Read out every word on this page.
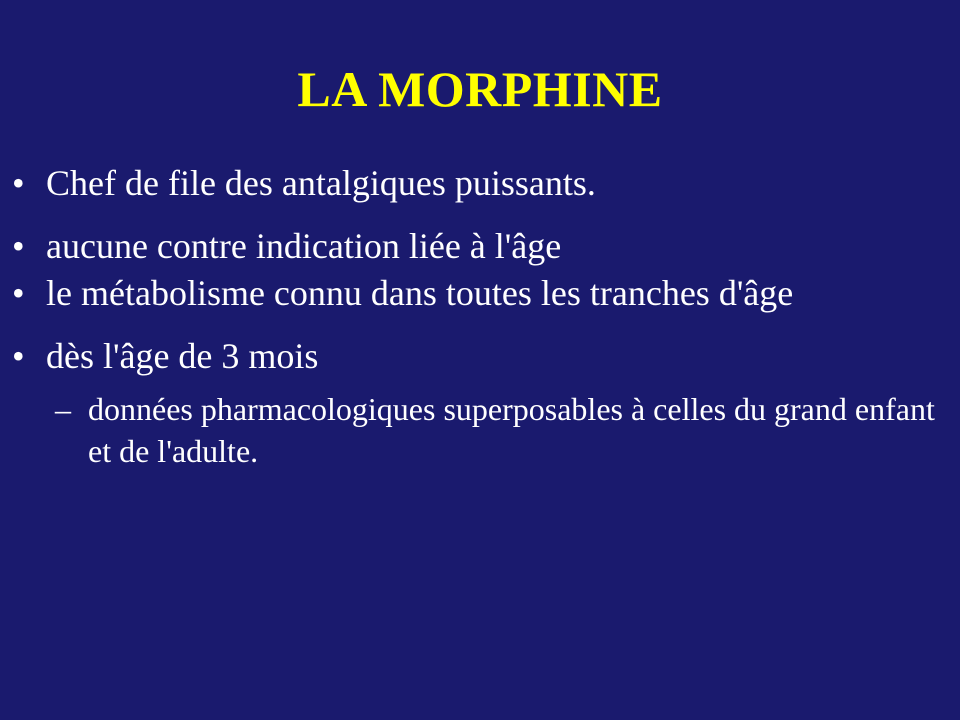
LA MORPHINE
• Chef de file des antalgiques puissants.
• aucune contre indication liée à l'âge
• le métabolisme connu dans toutes les tranches d'âge
• dès l'âge de 3 mois
– données pharmacologiques superposables à celles du grand enfant et de l'adulte.
